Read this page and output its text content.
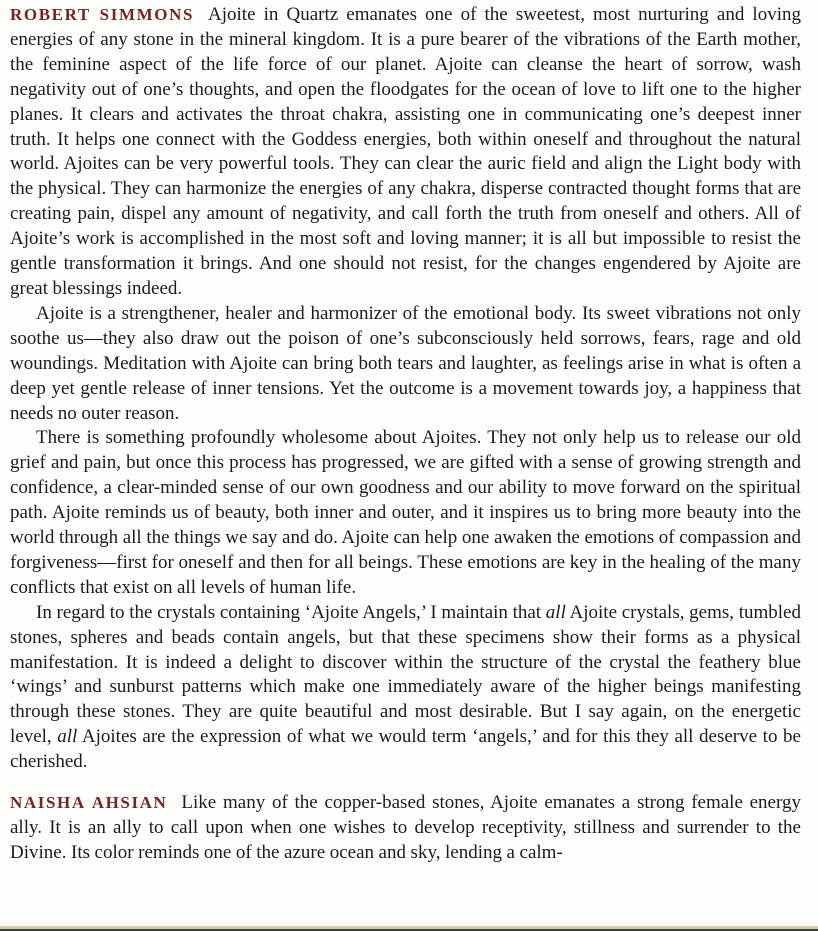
ROBERT SIMMONS Ajoite in Quartz emanates one of the sweetest, most nurturing and loving energies of any stone in the mineral kingdom. It is a pure bearer of the vibrations of the Earth mother, the feminine aspect of the life force of our planet. Ajoite can cleanse the heart of sorrow, wash negativity out of one’s thoughts, and open the floodgates for the ocean of love to lift one to the higher planes. It clears and activates the throat chakra, assisting one in communicating one’s deepest inner truth. It helps one connect with the Goddess energies, both within oneself and throughout the natural world. Ajoites can be very powerful tools. They can clear the auric field and align the Light body with the physical. They can harmonize the energies of any chakra, disperse contracted thought forms that are creating pain, dispel any amount of negativity, and call forth the truth from oneself and others. All of Ajoite’s work is accomplished in the most soft and loving manner; it is all but impossible to resist the gentle transformation it brings. And one should not resist, for the changes engendered by Ajoite are great blessings indeed.

Ajoite is a strengthener, healer and harmonizer of the emotional body. Its sweet vibrations not only soothe us—they also draw out the poison of one’s subconsciously held sorrows, fears, rage and old woundings. Meditation with Ajoite can bring both tears and laughter, as feelings arise in what is often a deep yet gentle release of inner tensions. Yet the outcome is a movement towards joy, a happiness that needs no outer reason.

There is something profoundly wholesome about Ajoites. They not only help us to release our old grief and pain, but once this process has progressed, we are gifted with a sense of growing strength and confidence, a clear-minded sense of our own goodness and our ability to move forward on the spiritual path. Ajoite reminds us of beauty, both inner and outer, and it inspires us to bring more beauty into the world through all the things we say and do. Ajoite can help one awaken the emotions of compassion and forgiveness—first for oneself and then for all beings. These emotions are key in the healing of the many conflicts that exist on all levels of human life.

In regard to the crystals containing ‘Ajoite Angels,’ I maintain that all Ajoite crystals, gems, tumbled stones, spheres and beads contain angels, but that these specimens show their forms as a physical manifestation. It is indeed a delight to discover within the structure of the crystal the feathery blue ‘wings’ and sunburst patterns which make one immediately aware of the higher beings manifesting through these stones. They are quite beautiful and most desirable. But I say again, on the energetic level, all Ajoites are the expression of what we would term ‘angels,’ and for this they all deserve to be cherished.

NAISHA AHSIAN Like many of the copper-based stones, Ajoite emanates a strong female energy ally. It is an ally to call upon when one wishes to develop receptivity, stillness and surrender to the Divine. Its color reminds one of the azure ocean and sky, lending a calm-
